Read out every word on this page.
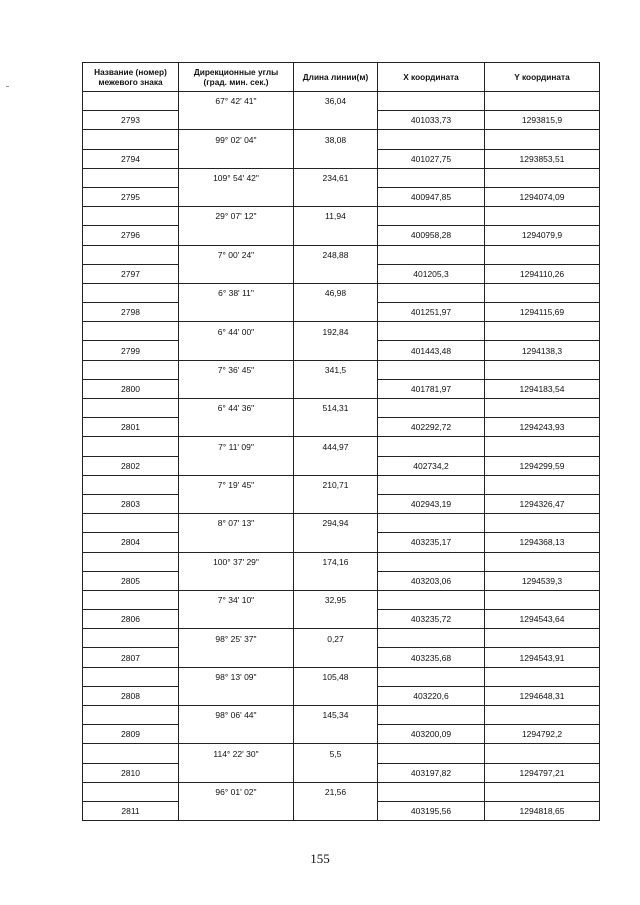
Название (номер) межевого знака	Дирекционные углы (град. мин. сек.)	Длина линии(м)	X координата	Y координата
	67° 42' 41"	36,04		
2793			401033,73	1293815,9
	99° 02' 04"	38,08		
2794			401027,75	1293853,51
	109° 54' 42"	234,61		
2795			400947,85	1294074,09
	29° 07' 12"	11,94		
2796			400958,28	1294079,9
	7° 00' 24"	248,88		
2797			401205,3	1294110,26
	6° 38' 11"	46,98		
2798			401251,97	1294115,69
	6° 44' 00"	192,84		
2799			401443,48	1294138,3
	7° 36' 45"	341,5		
2800			401781,97	1294183,54
	6° 44' 36"	514,31		
2801			402292,72	1294243,93
	7° 11' 09"	444,97		
2802			402734,2	1294299,59
	7° 19' 45"	210,71		
2803			402943,19	1294326,47
	8° 07' 13"	294,94		
2804			403235,17	1294368,13
	100° 37' 29"	174,16		
2805			403203,06	1294539,3
	7° 34' 10"	32,95		
2806			403235,72	1294543,64
	98° 25' 37"	0,27		
2807			403235,68	1294543,91
	98° 13' 09"	105,48		
2808			403220,6	1294648,31
	98° 06' 44"	145,34		
2809			403200,09	1294792,2
	114° 22' 30"	5,5		
2810			403197,82	1294797,21
	96° 01' 02"	21,56		
2811			403195,56	1294818,65
155
